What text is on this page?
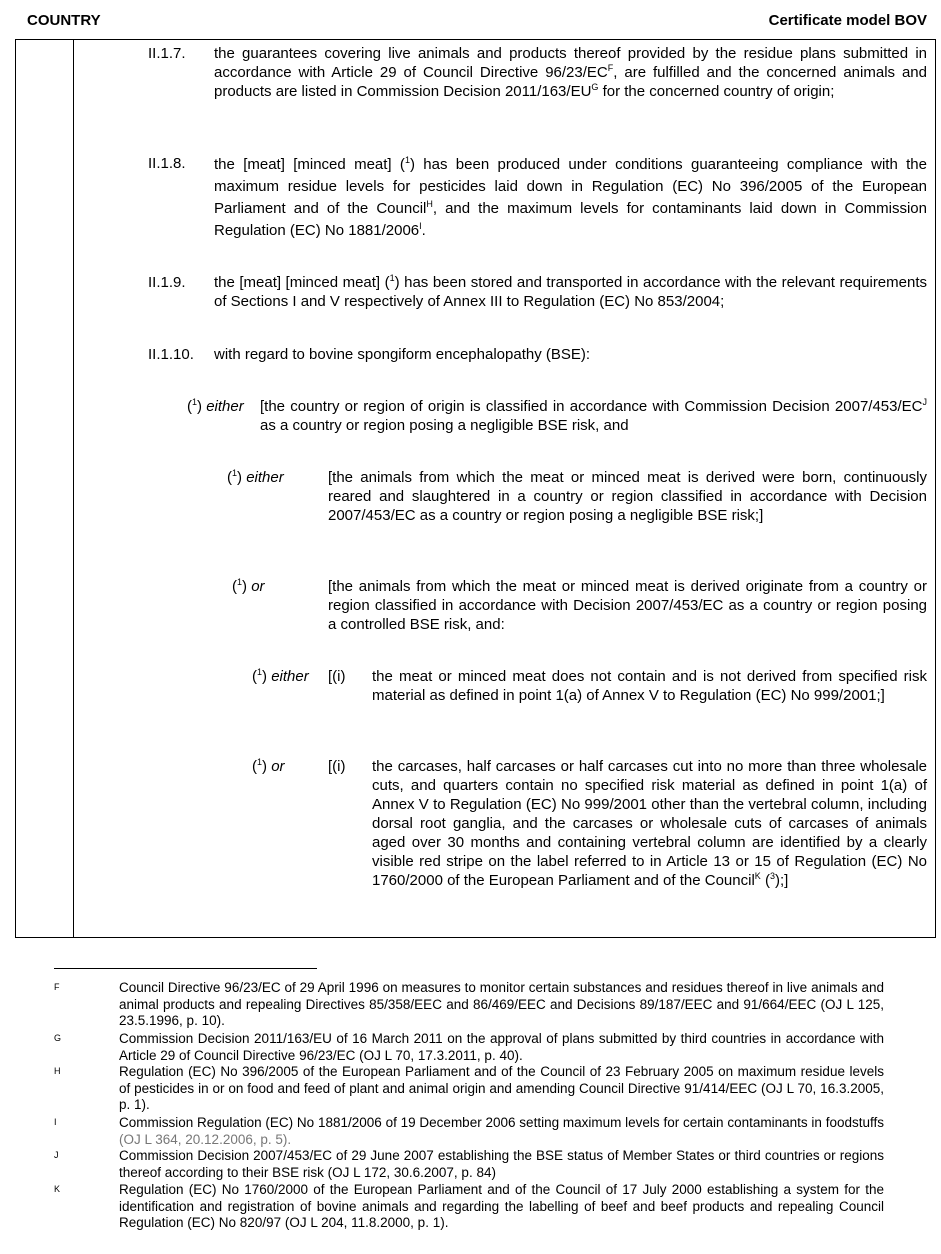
COUNTRY	Certificate model BOV
II.1.7. the guarantees covering live animals and products thereof provided by the residue plans submitted in accordance with Article 29 of Council Directive $96/23/EC^F$, are fulfilled and the concerned animals and products are listed in Commission Decision $2011/163/EU^G$ for the concerned country of origin;
II.1.8. the [meat] [minced meat] ($^1$) has been produced under conditions guaranteeing compliance with the maximum residue levels for pesticides laid down in Regulation (EC) No 396/2005 of the European Parliament and of the Council$^H$, and the maximum levels for contaminants laid down in Commission Regulation (EC) No $1881/2006^I$.
II.1.9. the [meat] [minced meat] ($^1$) has been stored and transported in accordance with the relevant requirements of Sections I and V respectively of Annex III to Regulation (EC) No 853/2004;
II.1.10. with regard to bovine spongiform encephalopathy (BSE):
($^1$) either [the country or region of origin is classified in accordance with Commission Decision $2007/453/EC^J$ as a country or region posing a negligible BSE risk, and
($^1$) either	[the animals from which the meat or minced meat is derived were born, continuously reared and slaughtered in a country or region classified in accordance with Decision 2007/453/EC as a country or region posing a negligible BSE risk;]
($^1$) or	[the animals from which the meat or minced meat is derived originate from a country or region classified in accordance with Decision 2007/453/EC as a country or region posing a controlled BSE risk, and:
($^1$) either [(i) the meat or minced meat does not contain and is not derived from specified risk material as defined in point 1(a) of Annex V to Regulation (EC) No 999/2001;]
($^1$) or	[(i) the carcases, half carcases or half carcases cut into no more than three wholesale cuts, and quarters contain no specified risk material as defined in point 1(a) of Annex V to Regulation (EC) No 999/2001 other than the vertebral column, including dorsal root ganglia, and the carcases or wholesale cuts of carcases of animals aged over 30 months and containing vertebral column are identified by a clearly visible red stripe on the label referred to in Article 13 or 15 of Regulation (EC) No 1760/2000 of the European Parliament and of the Council$^K$ ($^3$);]
F	Council Directive 96/23/EC of 29 April 1996 on measures to monitor certain substances and residues thereof in live animals and animal products and repealing Directives 85/358/EEC and 86/469/EEC and Decisions 89/187/EEC and 91/664/EEC (OJ L 125, 23.5.1996, p. 10).
G	Commission Decision 2011/163/EU of 16 March 2011 on the approval of plans submitted by third countries in accordance with Article 29 of Council Directive 96/23/EC (OJ L 70, 17.3.2011, p. 40).
H	Regulation (EC) No 396/2005 of the European Parliament and of the Council of 23 February 2005 on maximum residue levels of pesticides in or on food and feed of plant and animal origin and amending Council Directive 91/414/EEC (OJ L 70, 16.3.2005, p. 1).
I	Commission Regulation (EC) No 1881/2006 of 19 December 2006 setting maximum levels for certain contaminants in foodstuffs (OJ L 364, 20.12.2006, p. 5).
J	Commission Decision 2007/453/EC of 29 June 2007 establishing the BSE status of Member States or third countries or regions thereof according to their BSE risk (OJ L 172, 30.6.2007, p. 84)
K	Regulation (EC) No 1760/2000 of the European Parliament and of the Council of 17 July 2000 establishing a system for the identification and registration of bovine animals and regarding the labelling of beef and beef products and repealing Council Regulation (EC) No 820/97 (OJ L 204, 11.8.2000, p. 1).
